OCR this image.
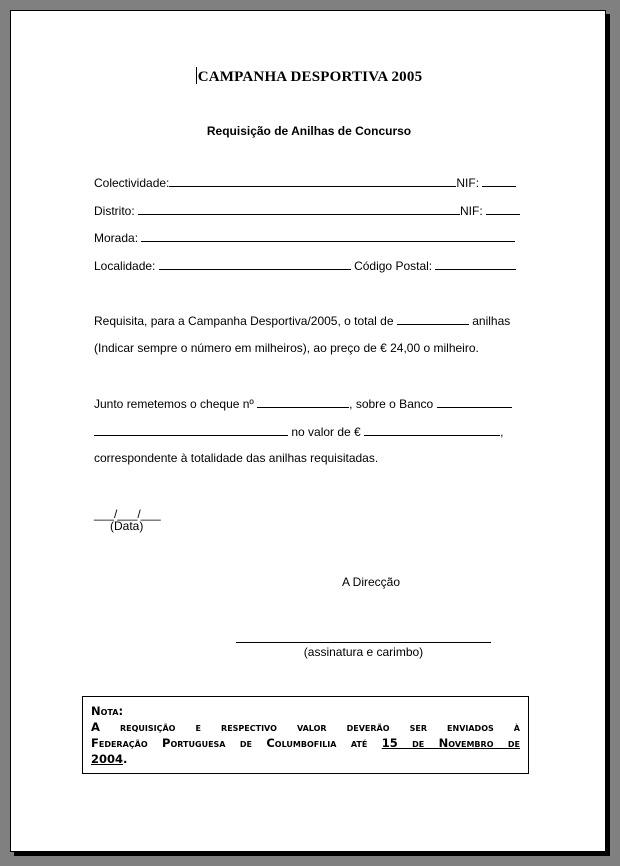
CAMPANHA DESPORTIVA 2005
Requisição de Anilhas de Concurso
Colectividade:	NIF:
Distrito:	NIF:
Morada:
Localidade:	Código Postal:
Requisita, para a Campanha Desportiva/2005, o total de	anilhas
(Indicar sempre o número em milheiros), ao preço de € 24,00 o milheiro.
Junto remetemos o cheque nº	, sobre o Banco
no valor de €	,
correspondente à totalidade das anilhas requisitadas.
___/___/___
(Data)
A Direcção
(assinatura e carimbo)
Nota:
A requisição e respectivo valor deverão ser enviados à
Federação Portuguesa de Columbofilia até 15 de Novembro de
2004.
